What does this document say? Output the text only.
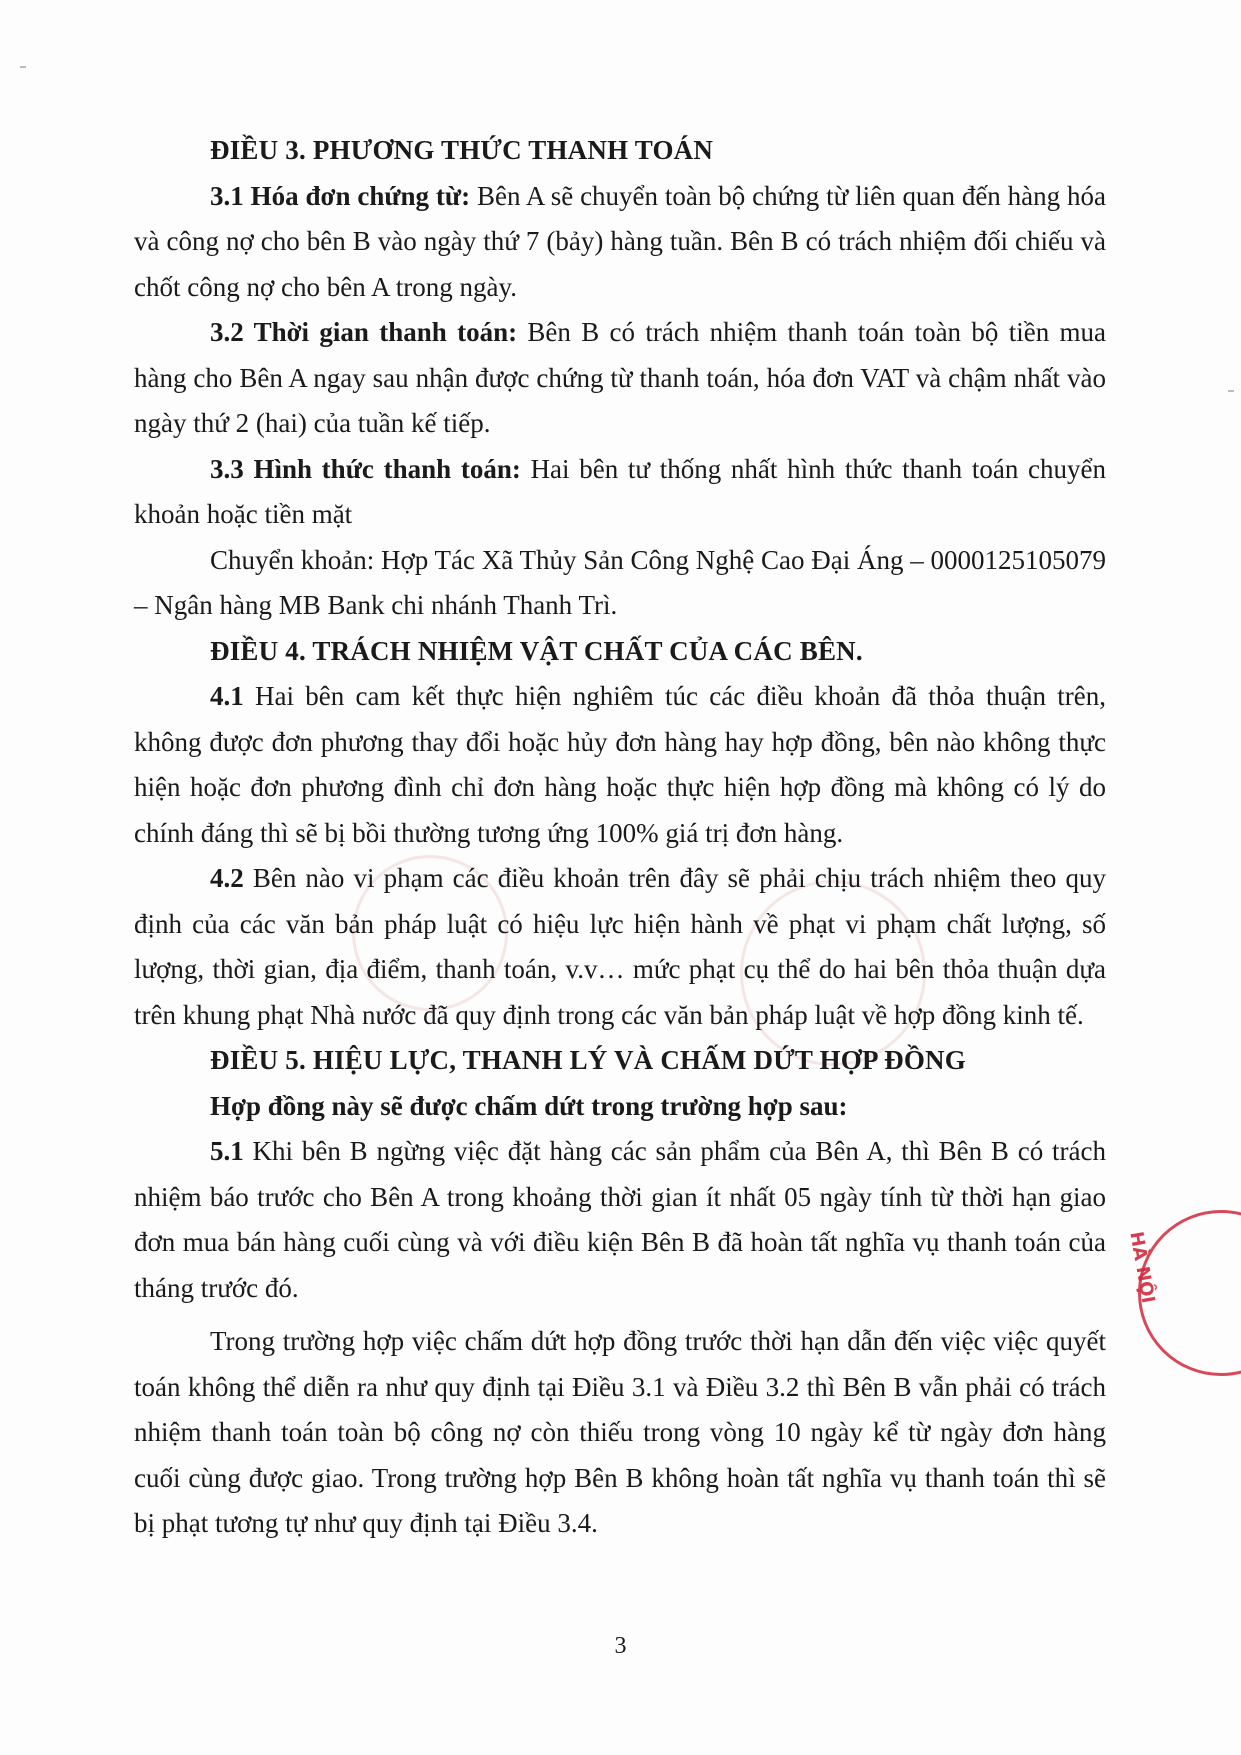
HÀ NỘI

ĐIỀU 3. PHƯƠNG THỨC THANH TOÁN

3.1 Hóa đơn chứng từ: Bên A sẽ chuyển toàn bộ chứng từ liên quan đến hàng hóa và công nợ cho bên B vào ngày thứ 7 (bảy) hàng tuần. Bên B có trách nhiệm đối chiếu và chốt công nợ cho bên A trong ngày.

3.2 Thời gian thanh toán: Bên B có trách nhiệm thanh toán toàn bộ tiền mua hàng cho Bên A ngay sau nhận được chứng từ thanh toán, hóa đơn VAT và chậm nhất vào ngày thứ 2 (hai) của tuần kế tiếp.

3.3 Hình thức thanh toán: Hai bên tư thống nhất hình thức thanh toán chuyển khoản hoặc tiền mặt

Chuyển khoản: Hợp Tác Xã Thủy Sản Công Nghệ Cao Đại Áng – 0000125105079 – Ngân hàng MB Bank chi nhánh Thanh Trì.

ĐIỀU 4. TRÁCH NHIỆM VẬT CHẤT CỦA CÁC BÊN.

4.1 Hai bên cam kết thực hiện nghiêm túc các điều khoản đã thỏa thuận trên, không được đơn phương thay đổi hoặc hủy đơn hàng hay hợp đồng, bên nào không thực hiện hoặc đơn phương đình chỉ đơn hàng hoặc thực hiện hợp đồng mà không có lý do chính đáng thì sẽ bị bồi thường tương ứng 100% giá trị đơn hàng.

4.2 Bên nào vi phạm các điều khoản trên đây sẽ phải chịu trách nhiệm theo quy định của các văn bản pháp luật có hiệu lực hiện hành về phạt vi phạm chất lượng, số lượng, thời gian, địa điểm, thanh toán, v.v… mức phạt cụ thể do hai bên thỏa thuận dựa trên khung phạt Nhà nước đã quy định trong các văn bản pháp luật về hợp đồng kinh tế.

ĐIỀU 5. HIỆU LỰC, THANH LÝ VÀ CHẤM DỨT HỢP ĐỒNG

Hợp đồng này sẽ được chấm dứt trong trường hợp sau:

5.1 Khi bên B ngừng việc đặt hàng các sản phẩm của Bên A, thì Bên B có trách nhiệm báo trước cho Bên A trong khoảng thời gian ít nhất 05 ngày tính từ thời hạn giao đơn mua bán hàng cuối cùng và với điều kiện Bên B đã hoàn tất nghĩa vụ thanh toán của tháng trước đó.

Trong trường hợp việc chấm dứt hợp đồng trước thời hạn dẫn đến việc việc quyết toán không thể diễn ra như quy định tại Điều 3.1 và Điều 3.2 thì Bên B vẫn phải có trách nhiệm thanh toán toàn bộ công nợ còn thiếu trong vòng 10 ngày kể từ ngày đơn hàng cuối cùng được giao. Trong trường hợp Bên B không hoàn tất nghĩa vụ thanh toán thì sẽ bị phạt tương tự như quy định tại Điều 3.4.

3
